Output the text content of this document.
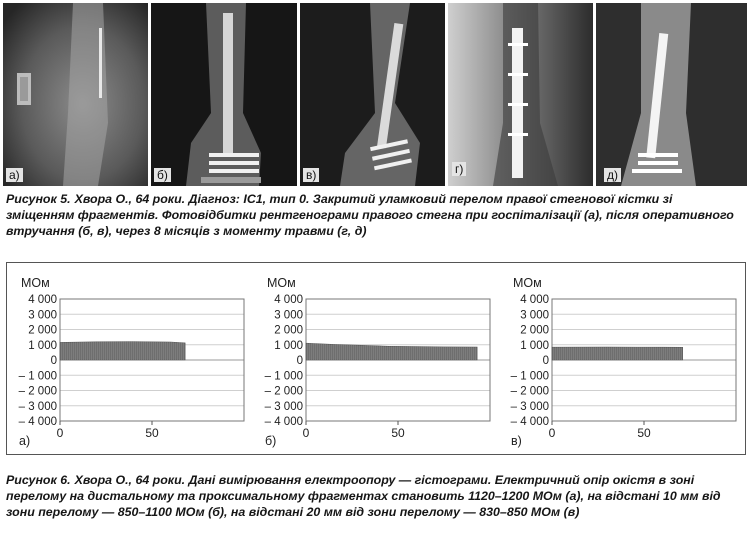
а)	б)	в)	г)	д)
Рисунок 5. Хвора О., 64 роки. Діагноз: ІС1, тип 0. Закритий уламковий перелом правої стегнової кістки зі зміщенням фрагментів. Фотовідбитки рентгенограми правого стегна при госпіталізації (а), після оперативного втручання (б, в), через 8 місяців з моменту травми (г, д)
МОм
4 000
3 000
2 000
1 000
0
– 1 000
– 2 000
– 3 000
– 4 000
0	50
а)
МОм
4 000
3 000
2 000
1 000
0
– 1 000
– 2 000
– 3 000
– 4 000
0	50
б)
МОм
4 000
3 000
2 000
1 000
0
– 1 000
– 2 000
– 3 000
– 4 000
0	50
в)
Рисунок 6. Хвора О., 64 роки. Дані вимірювання електроопору — гістограми. Електричний опір окістя в зоні перелому на дистальному та проксимальному фрагментах становить 1120–1200 МОм (а), на відстані 10 мм від зони перелому — 850–1100 МОм (б), на відстані 20 мм від зони перелому — 830–850 МОм (в)
